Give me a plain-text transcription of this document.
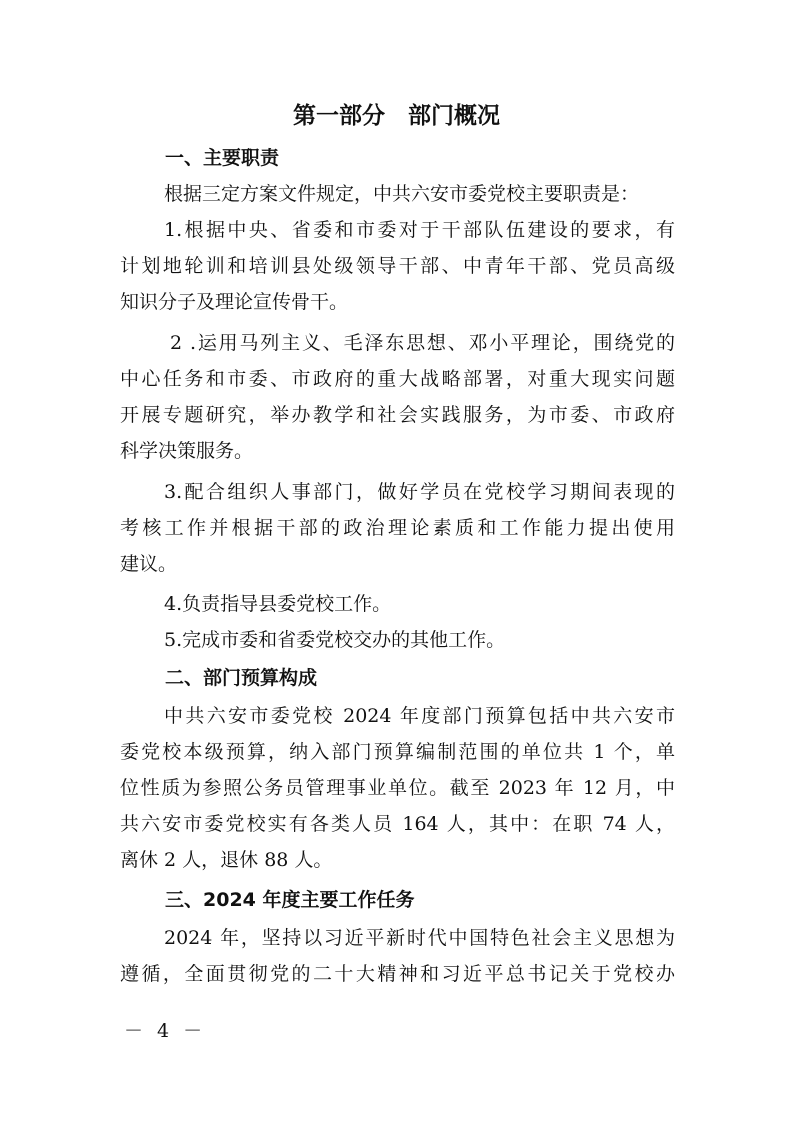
第一部分　部门概况
一、主要职责
根据三定方案文件规定，中共六安市委党校主要职责是：
1.根据中央、省委和市委对于干部队伍建设的要求，有
计划地轮训和培训县处级领导干部、中青年干部、党员高级
知识分子及理论宣传骨干。
2 .运用马列主义、毛泽东思想、邓小平理论，围绕党的
中心任务和市委、市政府的重大战略部署，对重大现实问题
开展专题研究，举办教学和社会实践服务，为市委、市政府
科学决策服务。
3.配合组织人事部门，做好学员在党校学习期间表现的
考核工作并根据干部的政治理论素质和工作能力提出使用
建议。
4.负责指导县委党校工作。
5.完成市委和省委党校交办的其他工作。
二、部门预算构成
中共六安市委党校 2024 年度部门预算包括中共六安市
委党校本级预算，纳入部门预算编制范围的单位共 1 个，单
位性质为参照公务员管理事业单位。截至 2023 年 12 月，中
共六安市委党校实有各类人员 164 人，其中：在职 74 人，
离休 2 人，退休 88 人。
三、2024 年度主要工作任务
2024 年，坚持以习近平新时代中国特色社会主义思想为
遵循，全面贯彻党的二十大精神和习近平总书记关于党校办
－ 4 －
